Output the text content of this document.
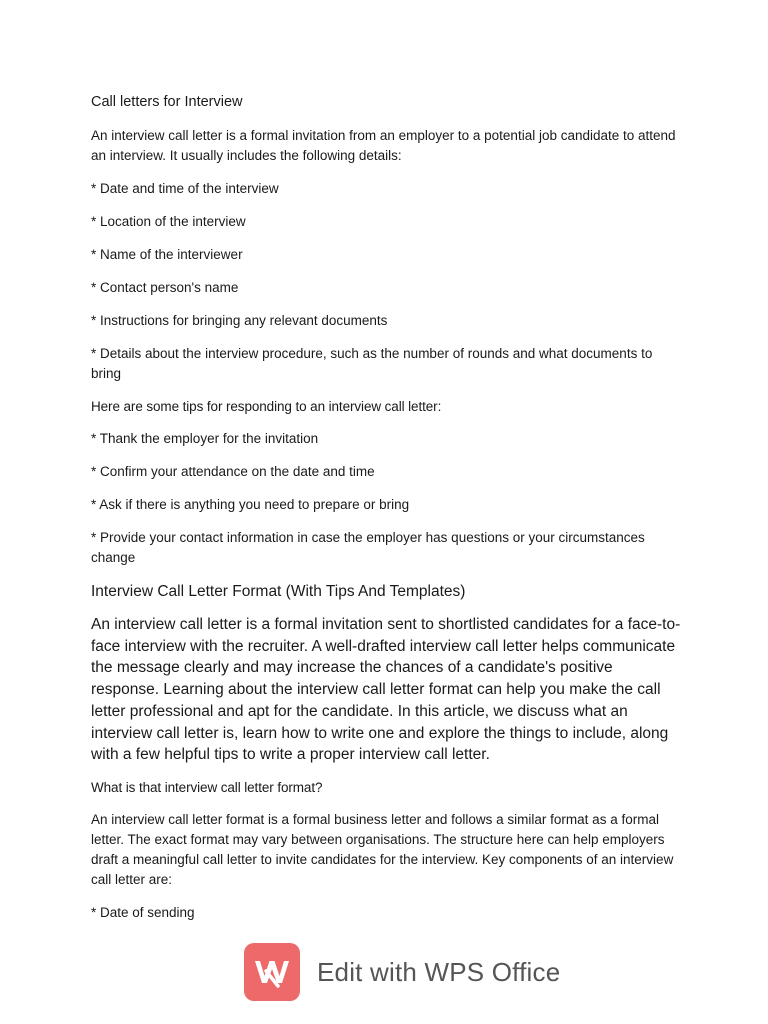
Call letters for Interview

An interview call letter is a formal invitation from an employer to a potential job candidate to attend an interview. It usually includes the following details:

* Date and time of the interview

* Location of the interview

* Name of the interviewer

* Contact person's name

* Instructions for bringing any relevant documents

* Details about the interview procedure, such as the number of rounds and what documents to bring

Here are some tips for responding to an interview call letter:

* Thank the employer for the invitation

* Confirm your attendance on the date and time

* Ask if there is anything you need to prepare or bring

* Provide your contact information in case the employer has questions or your circumstances change

Interview Call Letter Format (With Tips And Templates)

An interview call letter is a formal invitation sent to shortlisted candidates for a face-to-face interview with the recruiter. A well-drafted interview call letter helps communicate the message clearly and may increase the chances of a candidate's positive response. Learning about the interview call letter format can help you make the call letter professional and apt for the candidate. In this article, we discuss what an interview call letter is, learn how to write one and explore the things to include, along with a few helpful tips to write a proper interview call letter.

What is that interview call letter format?

An interview call letter format is a formal business letter and follows a similar format as a formal letter. The exact format may vary between organisations. The structure here can help employers draft a meaningful call letter to invite candidates for the interview. Key components of an interview call letter are:

* Date of sending

Edit with WPS Office
